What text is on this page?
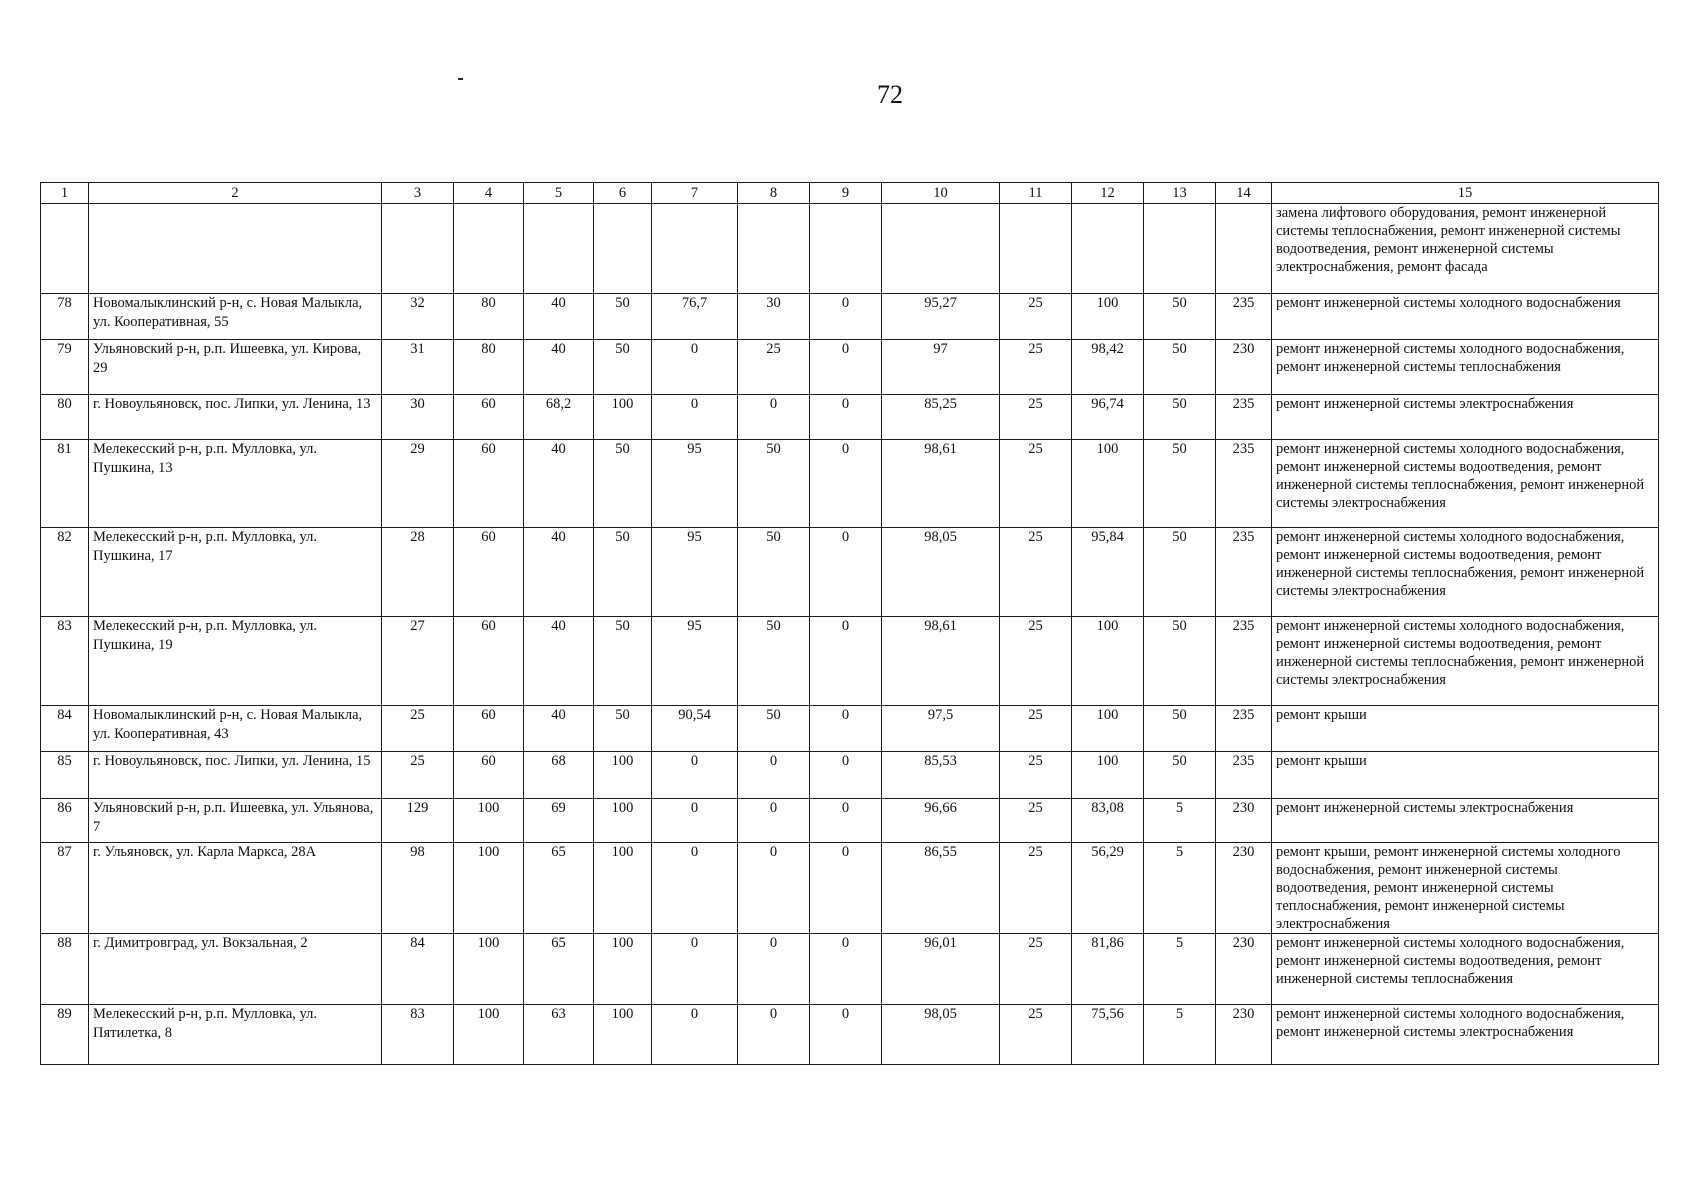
72
1	2	3	4	5	6	7	8	9	10	11	12	13	14	15
														замена лифтового оборудования, ремонт инженерной системы теплоснабжения, ремонт инженерной системы водоотведения, ремонт инженерной системы электроснабжения, ремонт фасада
78	Новомалыклинский р-н, с. Новая Малыкла, ул. Кооперативная, 55	32	80	40	50	76,7	30	0	95,27	25	100	50	235	ремонт инженерной системы холодного водоснабжения
79	Ульяновский р-н, р.п. Ишеевка, ул. Кирова, 29	31	80	40	50	0	25	0	97	25	98,42	50	230	ремонт инженерной системы холодного водоснабжения, ремонт инженерной системы теплоснабжения
80	г. Новоульяновск, пос. Липки, ул. Ленина, 13	30	60	68,2	100	0	0	0	85,25	25	96,74	50	235	ремонт инженерной системы электроснабжения
81	Мелекесский р-н, р.п. Мулловка, ул. Пушкина, 13	29	60	40	50	95	50	0	98,61	25	100	50	235	ремонт инженерной системы холодного водоснабжения, ремонт инженерной системы водоотведения, ремонт инженерной системы теплоснабжения, ремонт инженерной системы электроснабжения
82	Мелекесский р-н, р.п. Мулловка, ул. Пушкина, 17	28	60	40	50	95	50	0	98,05	25	95,84	50	235	ремонт инженерной системы холодного водоснабжения, ремонт инженерной системы водоотведения, ремонт инженерной системы теплоснабжения, ремонт инженерной системы электроснабжения
83	Мелекесский р-н, р.п. Мулловка, ул. Пушкина, 19	27	60	40	50	95	50	0	98,61	25	100	50	235	ремонт инженерной системы холодного водоснабжения, ремонт инженерной системы водоотведения, ремонт инженерной системы теплоснабжения, ремонт инженерной системы электроснабжения
84	Новомалыклинский р-н, с. Новая Малыкла, ул. Кооперативная, 43	25	60	40	50	90,54	50	0	97,5	25	100	50	235	ремонт крыши
85	г. Новоульяновск, пос. Липки, ул. Ленина, 15	25	60	68	100	0	0	0	85,53	25	100	50	235	ремонт крыши
86	Ульяновский р-н, р.п. Ишеевка, ул. Ульянова, 7	129	100	69	100	0	0	0	96,66	25	83,08	5	230	ремонт инженерной системы электроснабжения
87	г. Ульяновск, ул. Карла Маркса, 28А	98	100	65	100	0	0	0	86,55	25	56,29	5	230	ремонт крыши, ремонт инженерной системы холодного водоснабжения, ремонт инженерной системы водоотведения, ремонт инженерной системы теплоснабжения, ремонт инженерной системы электроснабжения
88	г. Димитровград, ул. Вокзальная, 2	84	100	65	100	0	0	0	96,01	25	81,86	5	230	ремонт инженерной системы холодного водоснабжения, ремонт инженерной системы водоотведения, ремонт инженерной системы теплоснабжения
89	Мелекесский р-н, р.п. Мулловка, ул. Пятилетка, 8	83	100	63	100	0	0	0	98,05	25	75,56	5	230	ремонт инженерной системы холодного водоснабжения, ремонт инженерной системы электроснабжения
